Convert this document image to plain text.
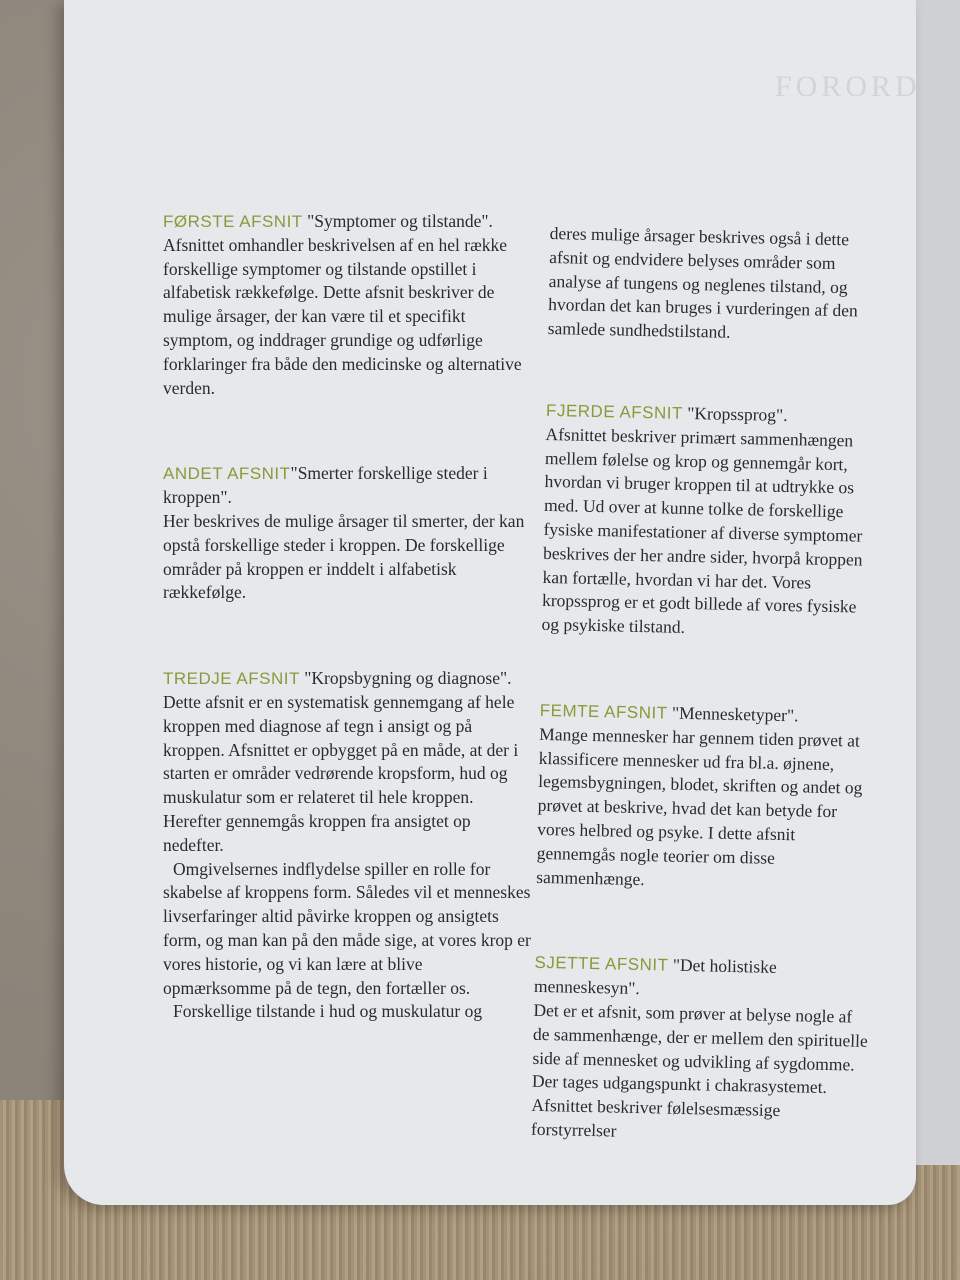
FORORD

FØRSTE AFSNIT "Symptomer og tilstande".

Afsnittet omhandler beskrivelsen af en hel række forskellige symptomer og tilstande opstillet i alfabetisk rækkefølge. Dette afsnit beskriver de mulige årsager, der kan være til et specifikt symptom, og inddrager grundige og udførlige forklaringer fra både den medicinske og alternative verden.

ANDET AFSNIT"Smerter forskellige steder i kroppen".

Her beskrives de mulige årsager til smerter, der kan opstå forskellige steder i kroppen. De forskellige områder på kroppen er inddelt i alfabetisk rækkefølge.

TREDJE AFSNIT "Kropsbygning og diagnose".

Dette afsnit er en systematisk gennemgang af hele kroppen med diagnose af tegn i ansigt og på kroppen. Afsnittet er opbygget på en måde, at der i starten er områder vedrørende kropsform, hud og muskulatur som er relateret til hele kroppen. Herefter gennemgås kroppen fra ansigtet op nedefter.

Omgivelsernes indflydelse spiller en rolle for skabelse af kroppens form. Således vil et menneskes livserfaringer altid påvirke kroppen og ansigtets form, og man kan på den måde sige, at vores krop er vores historie, og vi kan lære at blive opmærksomme på de tegn, den fortæller os.

Forskellige tilstande i hud og muskulatur og

deres mulige årsager beskrives også i dette afsnit og endvidere belyses områder som analyse af tungens og neglenes tilstand, og hvordan det kan bruges i vurderingen af den samlede sundhedstilstand.

FJERDE AFSNIT "Kropssprog".

Afsnittet beskriver primært sammenhængen mellem følelse og krop og gennemgår kort, hvordan vi bruger kroppen til at udtrykke os med. Ud over at kunne tolke de forskellige fysiske manifestationer af diverse symptomer beskrives der her andre sider, hvorpå kroppen kan fortælle, hvordan vi har det. Vores kropssprog er et godt billede af vores fysiske og psykiske tilstand.

FEMTE AFSNIT "Mennesketyper".

Mange mennesker har gennem tiden prøvet at klassificere mennesker ud fra bl.a. øjnene, legemsbygningen, blodet, skriften og andet og prøvet at beskrive, hvad det kan betyde for vores helbred og psyke. I dette afsnit gennemgås nogle teorier om disse sammenhænge.

SJETTE AFSNIT "Det holistiske menneskesyn".

Det er et afsnit, som prøver at belyse nogle af de sammenhænge, der er mellem den spirituelle side af mennesket og udvikling af sygdomme. Der tages udgangspunkt i chakrasystemet. Afsnittet beskriver følelsesmæssige forstyrrelser
